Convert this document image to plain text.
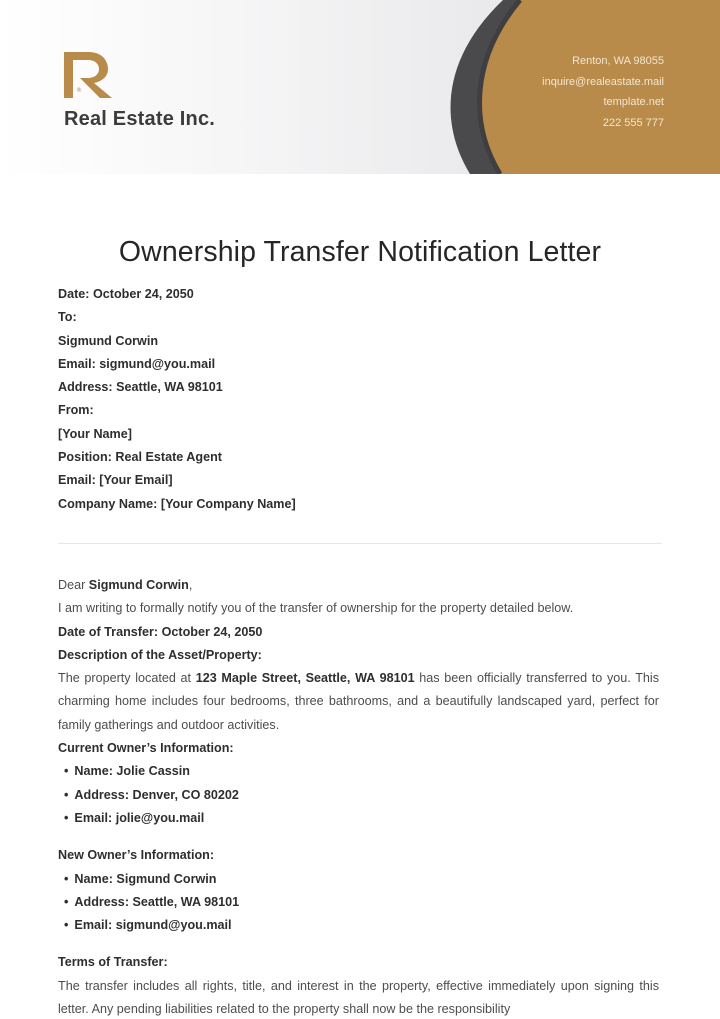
®
Real Estate Inc.
Renton, WA 98055
inquire@realeastate.mail
template.net
222 555 777
Ownership Transfer Notification Letter
Date: October 24, 2050
To:
Sigmund Corwin
Email: sigmund@you.mail
Address: Seattle, WA 98101
From:
[Your Name]
Position: Real Estate Agent
Email: [Your Email]
Company Name: [Your Company Name]
Dear Sigmund Corwin,
I am writing to formally notify you of the transfer of ownership for the property detailed below.
Date of Transfer: October 24, 2050
Description of the Asset/Property:
The property located at 123 Maple Street, Seattle, WA 98101 has been officially transferred to you. This charming home includes four bedrooms, three bathrooms, and a beautifully landscaped yard, perfect for family gatherings and outdoor activities.
Current Owner’s Information:
• Name: Jolie Cassin
• Address: Denver, CO 80202
• Email: jolie@you.mail
New Owner’s Information:
• Name: Sigmund Corwin
• Address: Seattle, WA 98101
• Email: sigmund@you.mail
Terms of Transfer:
The transfer includes all rights, title, and interest in the property, effective immediately upon signing this letter. Any pending liabilities related to the property shall now be the responsibility
